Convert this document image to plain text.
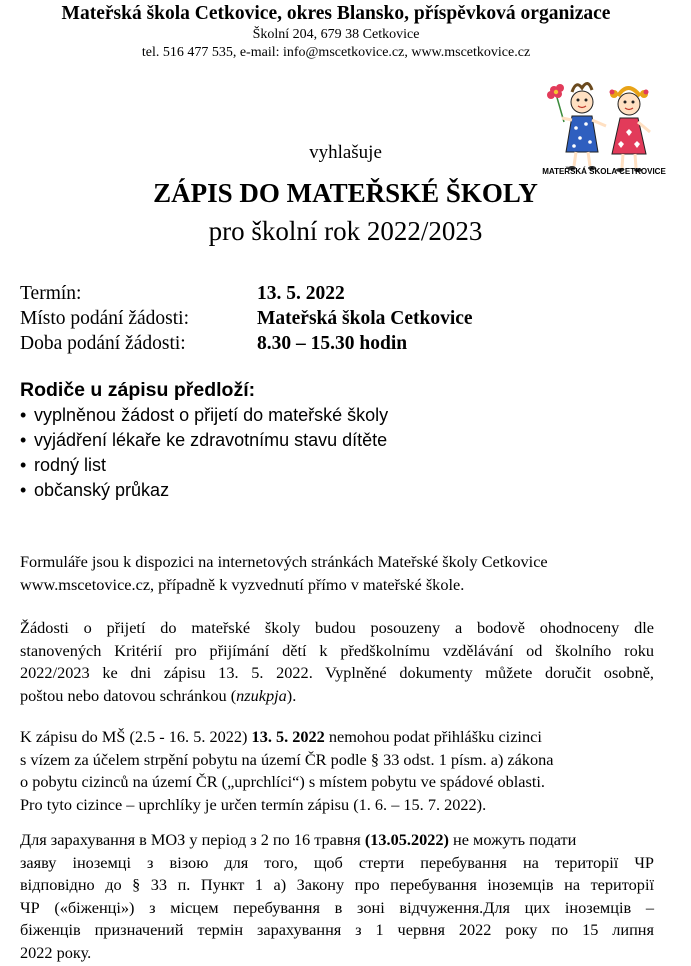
Mateřská škola Cetkovice, okres Blansko, příspěvková organizace
Školní 204, 679 38 Cetkovice
tel. 516 477 535, e-mail: info@mscetkovice.cz, www.mscetkovice.cz
MATEŘSKÁ ŠKOLA CETKOVICE
vyhlašuje
ZÁPIS DO MATEŘSKÉ ŠKOLY
pro školní rok 2022/2023
Termín:	13. 5. 2022
Místo podání žádosti:	Mateřská škola Cetkovice
Doba podání žádosti:	8.30 – 15.30 hodin
Rodiče u zápisu předloží:
• vyplněnou žádost o přijetí do mateřské školy
• vyjádření lékaře ke zdravotnímu stavu dítěte
• rodný list
• občanský průkaz
Formuláře jsou k dispozici na internetových stránkách Mateřské školy Cetkovice
www.mscetovice.cz, případně k vyzvednutí přímo v mateřské škole.
Žádosti o přijetí do mateřské školy budou posouzeny a bodově ohodnoceny dle
stanovených Kritérií pro přijímání dětí k předškolnímu vzdělávání od školního roku
2022/2023 ke dni zápisu 13. 5. 2022. Vyplněné dokumenty můžete doručit osobně,
poštou nebo datovou schránkou (nzukpja).
K zápisu do MŠ (2.5 - 16. 5. 2022) 13. 5. 2022 nemohou podat přihlášku cizinci
s vízem za účelem strpění pobytu na území ČR podle § 33 odst. 1 písm. a) zákona
o pobytu cizinců na území ČR („uprchlíci“) s místem pobytu ve spádové oblasti.
Pro tyto cizince – uprchlíky je určen termín zápisu (1. 6. – 15. 7. 2022).
Для зарахування в МОЗ у період з 2 по 16 травня (13.05.2022) не можуть подати
заяву іноземці з візою для того, щоб стерти перебування на території ЧР
відповідно до § 33 п. Пункт 1 а) Закону про перебування іноземців на території
ЧР («біженці») з місцем перебування в зоні відчуження.Для цих іноземців –
біженців призначений термін зарахування з 1 червня 2022 року по 15 липня
2022 року.
